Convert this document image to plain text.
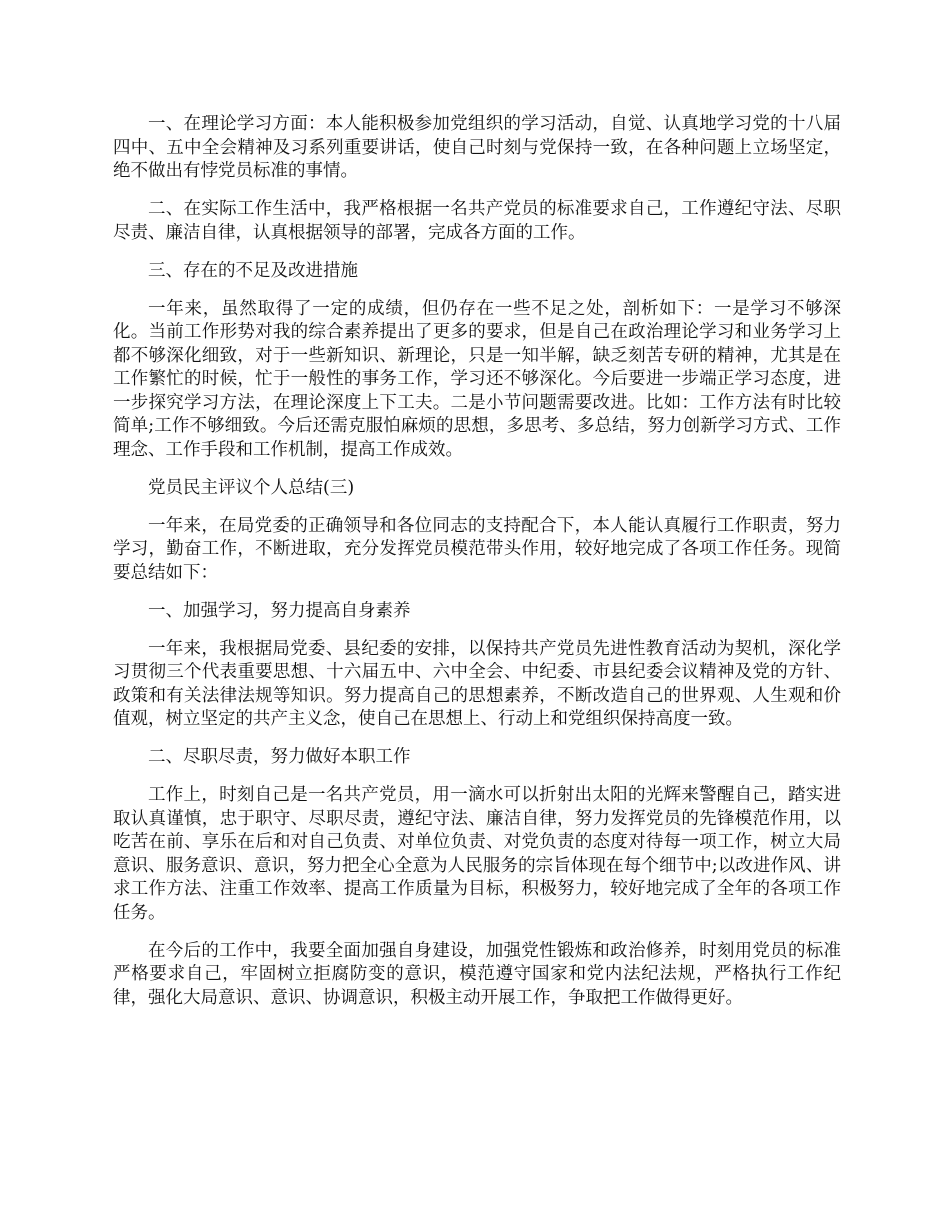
一、在理论学习方面：本人能积极参加党组织的学习活动，自觉、认真地学习党的十八届四中、五中全会精神及习系列重要讲话，使自己时刻与党保持一致，在各种问题上立场坚定，绝不做出有悖党员标准的事情。

二、在实际工作生活中，我严格根据一名共产党员的标准要求自己，工作遵纪守法、尽职尽责、廉洁自律，认真根据领导的部署，完成各方面的工作。

三、存在的不足及改进措施

一年来，虽然取得了一定的成绩，但仍存在一些不足之处，剖析如下：一是学习不够深化。当前工作形势对我的综合素养提出了更多的要求，但是自己在政治理论学习和业务学习上都不够深化细致，对于一些新知识、新理论，只是一知半解，缺乏刻苦专研的精神，尤其是在工作繁忙的时候，忙于一般性的事务工作，学习还不够深化。今后要进一步端正学习态度，进一步探究学习方法，在理论深度上下工夫。二是小节问题需要改进。比如：工作方法有时比较简单;工作不够细致。今后还需克服怕麻烦的思想，多思考、多总结，努力创新学习方式、工作理念、工作手段和工作机制，提高工作成效。

党员民主评议个人总结(三)

一年来，在局党委的正确领导和各位同志的支持配合下，本人能认真履行工作职责，努力学习，勤奋工作，不断进取，充分发挥党员模范带头作用，较好地完成了各项工作任务。现简要总结如下：

一、加强学习，努力提高自身素养

一年来，我根据局党委、县纪委的安排，以保持共产党员先进性教育活动为契机，深化学习贯彻三个代表重要思想、十六届五中、六中全会、中纪委、市县纪委会议精神及党的方针、政策和有关法律法规等知识。努力提高自己的思想素养，不断改造自己的世界观、人生观和价值观，树立坚定的共产主义念，使自己在思想上、行动上和党组织保持高度一致。

二、尽职尽责，努力做好本职工作

工作上，时刻自己是一名共产党员，用一滴水可以折射出太阳的光辉来警醒自己，踏实进取认真谨慎，忠于职守、尽职尽责，遵纪守法、廉洁自律，努力发挥党员的先锋模范作用，以吃苦在前、享乐在后和对自己负责、对单位负责、对党负责的态度对待每一项工作，树立大局意识、服务意识、意识，努力把全心全意为人民服务的宗旨体现在每个细节中;以改进作风、讲求工作方法、注重工作效率、提高工作质量为目标，积极努力，较好地完成了全年的各项工作任务。

在今后的工作中，我要全面加强自身建设，加强党性锻炼和政治修养，时刻用党员的标准严格要求自己，牢固树立拒腐防变的意识，模范遵守国家和党内法纪法规，严格执行工作纪律，强化大局意识、意识、协调意识，积极主动开展工作，争取把工作做得更好。
